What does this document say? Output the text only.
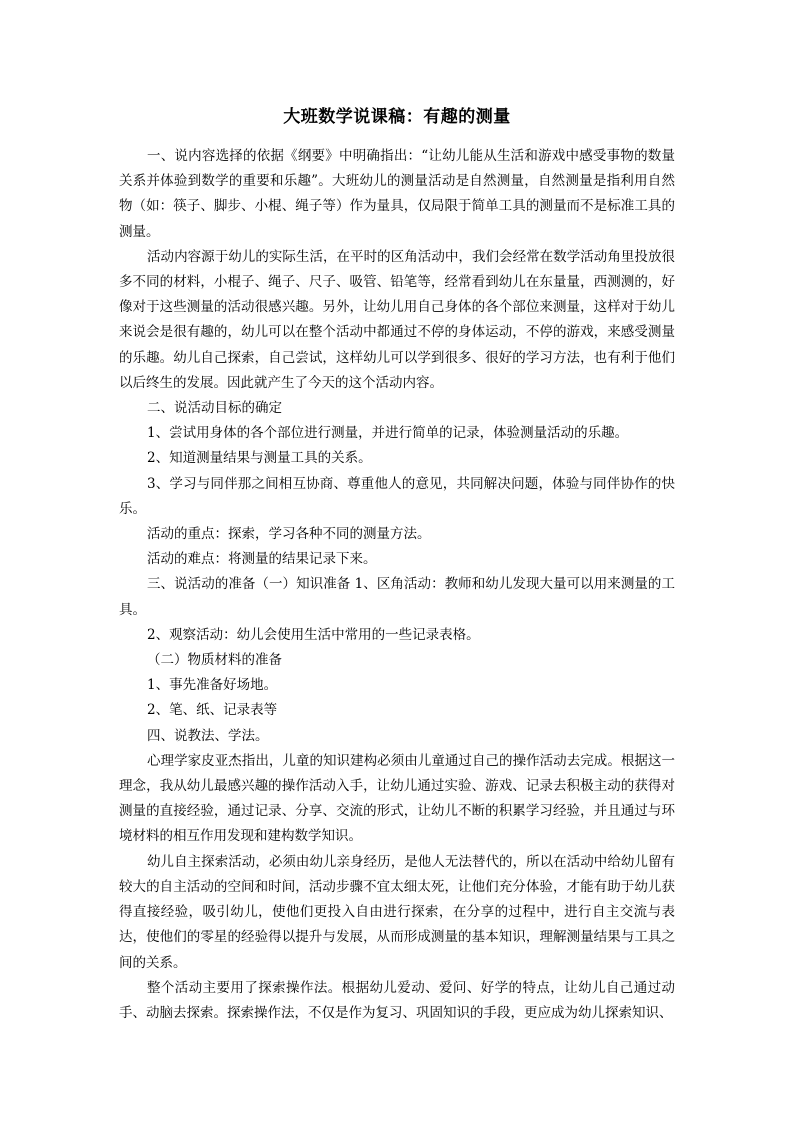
大班数学说课稿：有趣的测量

一、说内容选择的依据《纲要》中明确指出：“让幼儿能从生活和游戏中感受事物的数量关系并体验到数学的重要和乐趣”。大班幼儿的测量活动是自然测量，自然测量是指利用自然物（如：筷子、脚步、小棍、绳子等）作为量具，仅局限于简单工具的测量而不是标准工具的测量。

活动内容源于幼儿的实际生活，在平时的区角活动中，我们会经常在数学活动角里投放很多不同的材料，小棍子、绳子、尺子、吸管、铅笔等，经常看到幼儿在东量量，西测测的，好像对于这些测量的活动很感兴趣。另外，让幼儿用自己身体的各个部位来测量，这样对于幼儿来说会是很有趣的，幼儿可以在整个活动中都通过不停的身体运动，不停的游戏，来感受测量的乐趣。幼儿自己探索，自己尝试，这样幼儿可以学到很多、很好的学习方法，也有利于他们以后终生的发展。因此就产生了今天的这个活动内容。

二、说活动目标的确定

1、尝试用身体的各个部位进行测量，并进行简单的记录，体验测量活动的乐趣。

2、知道测量结果与测量工具的关系。

3、学习与同伴那之间相互协商、尊重他人的意见，共同解决问题，体验与同伴协作的快乐。

活动的重点：探索，学习各种不同的测量方法。

活动的难点：将测量的结果记录下来。

三、说活动的准备（一）知识准备 1、区角活动：教师和幼儿发现大量可以用来测量的工具。

2、观察活动：幼儿会使用生活中常用的一些记录表格。

（二）物质材料的准备

1、事先准备好场地。

2、笔、纸、记录表等

四、说教法、学法。

心理学家皮亚杰指出，儿童的知识建构必须由儿童通过自己的操作活动去完成。根据这一理念，我从幼儿最感兴趣的操作活动入手，让幼儿通过实验、游戏、记录去积极主动的获得对测量的直接经验，通过记录、分享、交流的形式，让幼儿不断的积累学习经验，并且通过与环境材料的相互作用发现和建构数学知识。

幼儿自主探索活动，必须由幼儿亲身经历，是他人无法替代的，所以在活动中给幼儿留有较大的自主活动的空间和时间，活动步骤不宜太细太死，让他们充分体验，才能有助于幼儿获得直接经验，吸引幼儿，使他们更投入自由进行探索，在分享的过程中，进行自主交流与表达，使他们的零星的经验得以提升与发展，从而形成测量的基本知识，理解测量结果与工具之间的关系。

整个活动主要用了探索操作法。根据幼儿爱动、爱问、好学的特点，让幼儿自己通过动手、动脑去探索。探索操作法，不仅是作为复习、巩固知识的手段，更应成为幼儿探索知识、
